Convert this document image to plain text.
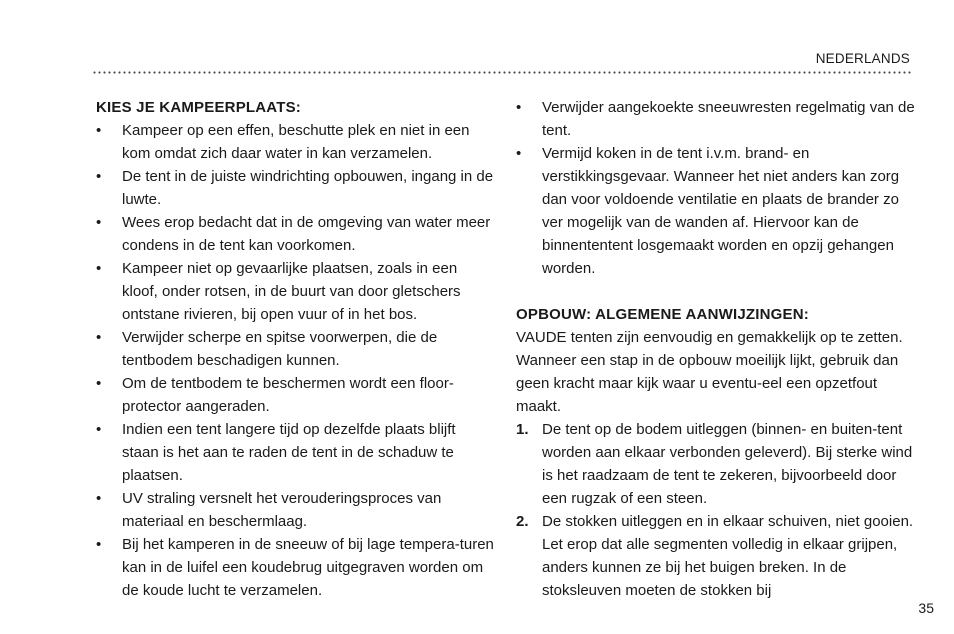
NEDERLANDS

KIES JE KAMPEERPLAATS:

• Kampeer op een effen, beschutte plek en niet in een kom omdat zich daar water in kan verzamelen.
• De tent in de juiste windrichting opbouwen, ingang in de luwte.
• Wees erop bedacht dat in de omgeving van water meer condens in de tent kan voorkomen.
• Kampeer niet op gevaarlijke plaatsen, zoals in een kloof, onder rotsen, in de buurt van door gletschers ontstane rivieren, bij open vuur of in het bos.
• Verwijder scherpe en spitse voorwerpen, die de tentbodem beschadigen kunnen.
• Om de tentbodem te beschermen wordt een floor-protector aangeraden.
• Indien een tent langere tijd op dezelfde plaats blijft staan is het aan te raden de tent in de schaduw te plaatsen.
• UV straling versnelt het verouderingsproces van materiaal en beschermlaag.
• Bij het kamperen in de sneeuw of bij lage tempera-turen kan in de luifel een koudebrug uitgegraven worden om de koude lucht te verzamelen.
• Verwijder aangekoekte sneeuwresten regelmatig van de tent.
• Vermijd koken in de tent i.v.m. brand- en verstikkingsgevaar. Wanneer het niet anders kan zorg dan voor voldoende ventilatie en plaats de brander zo ver mogelijk van de wanden af. Hiervoor kan de binnententent losgemaakt worden en opzij gehangen worden.

OPBOUW: ALGEMENE AANWIJZINGEN:

VAUDE tenten zijn eenvoudig en gemakkelijk op te zetten. Wanneer een stap in de opbouw moeilijk lijkt, gebruik dan geen kracht maar kijk waar u eventu-eel een opzetfout maakt.

1. De tent op de bodem uitleggen (binnen- en buiten-tent worden aan elkaar verbonden geleverd). Bij sterke wind is het raadzaam de tent te zekeren, bijvoorbeeld door een rugzak of een steen.
2. De stokken uitleggen en in elkaar schuiven, niet gooien. Let erop dat alle segmenten volledig in elkaar grijpen, anders kunnen ze bij het buigen breken. In de stoksleuven moeten de stokken bij
35
